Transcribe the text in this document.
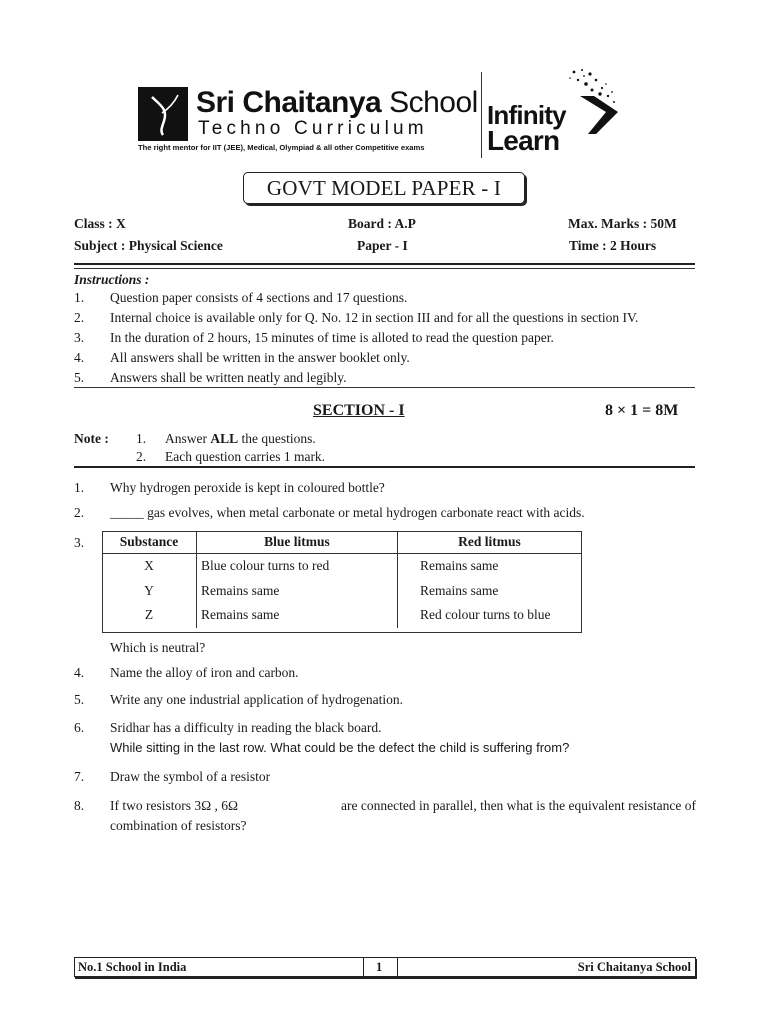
Sri Chaitanya School
Techno Curriculum
The right mentor for IIT (JEE), Medical, Olympiad & all other Competitive exams
Infinity
Learn
GOVT MODEL PAPER - I
Class : X	Board : A.P	Max. Marks : 50M
Subject : Physical Science	Paper - I	Time : 2 Hours
Instructions :
1. Question paper consists of 4 sections and 17 questions.
2. Internal choice is available only for Q. No. 12 in section III and for all the questions in section IV.
3. In the duration of 2 hours, 15 minutes of time is alloted to read the question paper.
4. All answers shall be written in the answer booklet only.
5. Answers shall be written neatly and legibly.
SECTION - I	8 × 1 = 8M
Note : 1. Answer ALL the questions.
2. Each question carries 1 mark.
1. Why hydrogen peroxide is kept in coloured bottle?
2. _____ gas evolves, when metal carbonate or metal hydrogen carbonate react with acids.
3.	Substance	Blue litmus	Red litmus
X	Blue colour turns to red	Remains same
Y	Remains same	Remains same
Z	Remains same	Red colour turns to blue
Which is neutral?
4. Name the alloy of iron and carbon.
5. Write any one industrial application of hydrogenation.
6. Sridhar has a difficulty in reading the black board.
While sitting in the last row. What could be the defect the child is suffering from?
7. Draw the symbol of a resistor
8. If two resistors 3Ω , 6Ω	are connected in parallel, then what is the equivalent resistance of
combination of resistors?
No.1 School in India	1	Sri Chaitanya School
